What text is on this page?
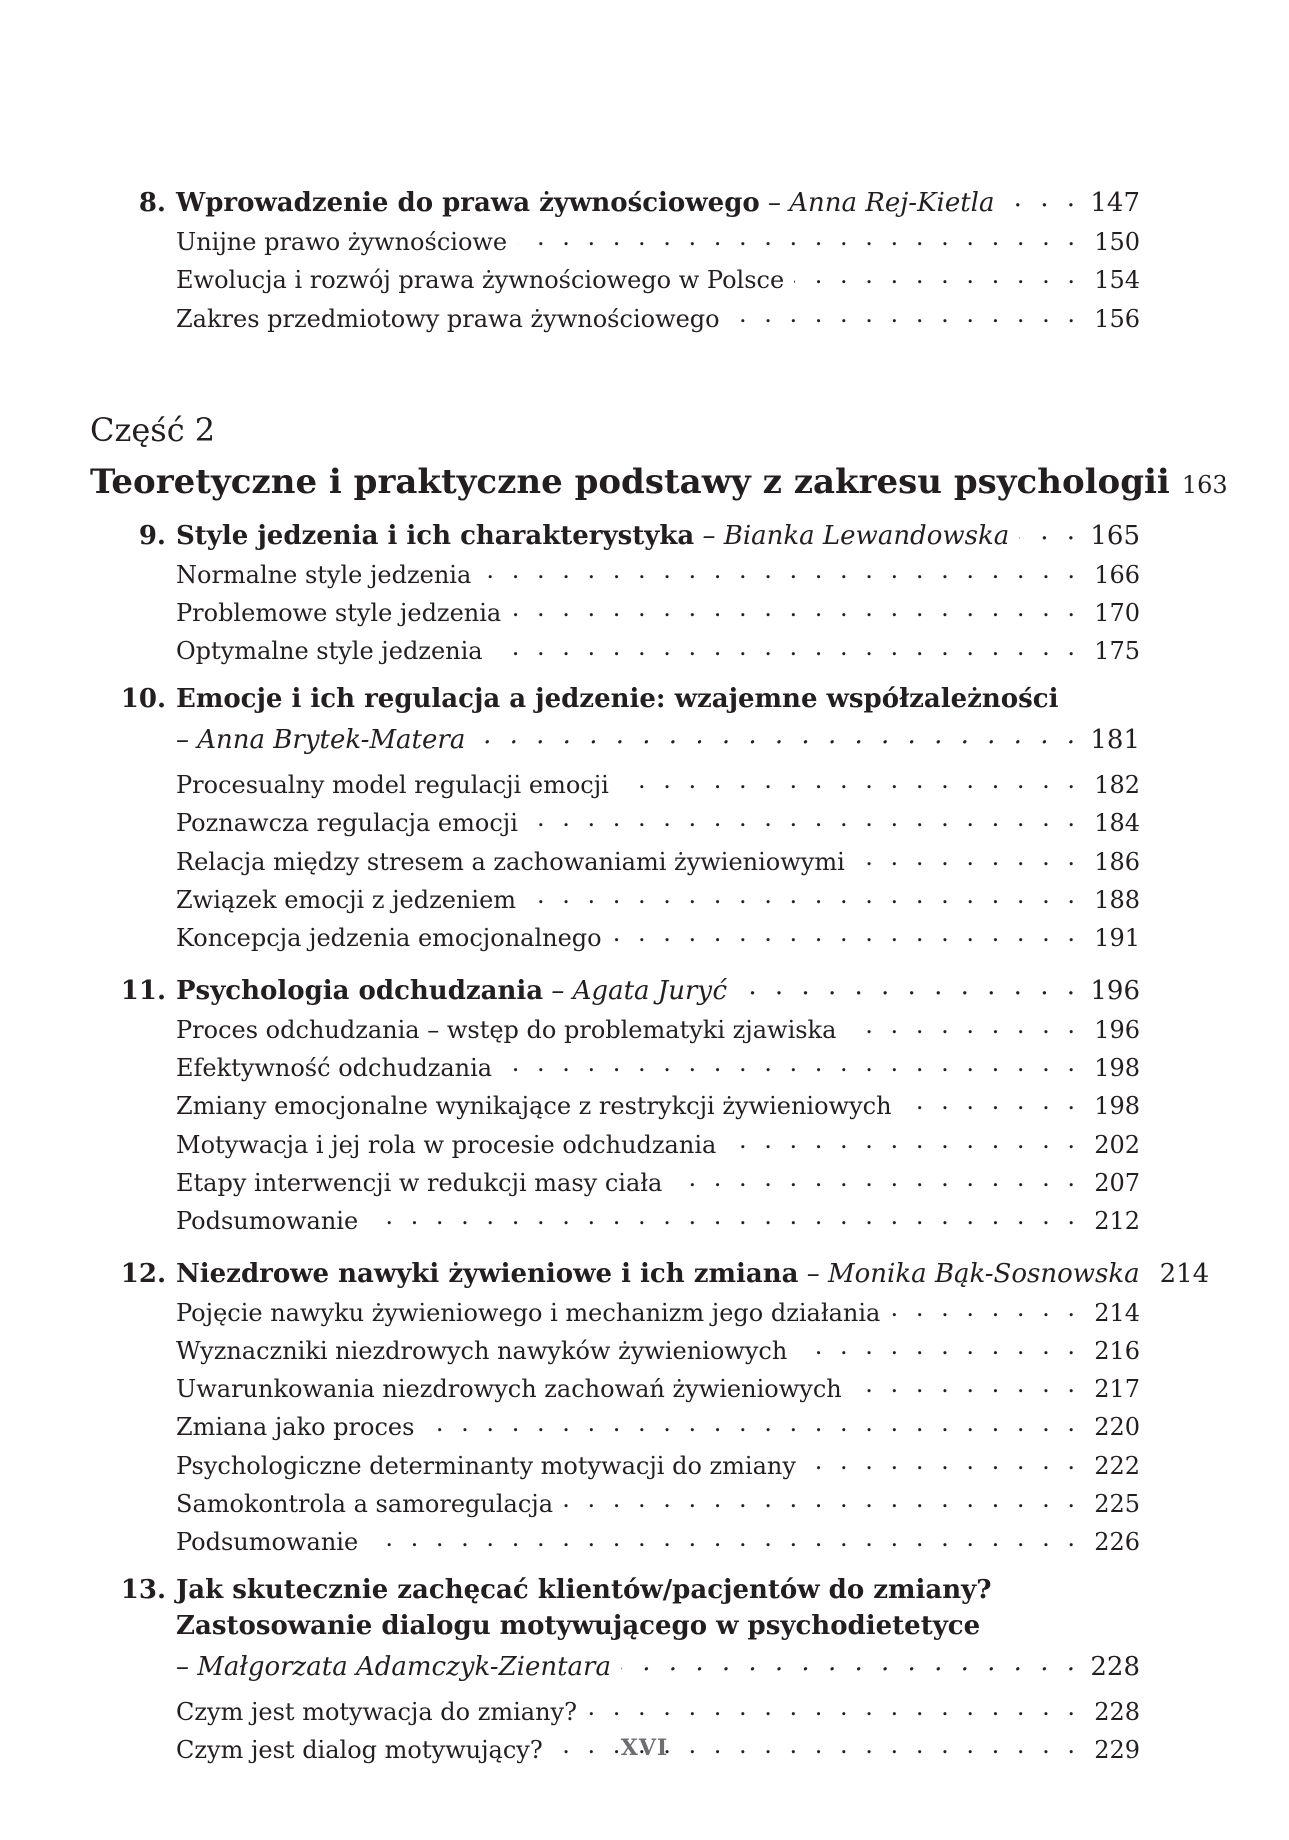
8. Wprowadzenie do prawa żywnościowego – Anna Rej-Kietla . . .	147
Unijne prawo żywnościowe . . .	150
Ewolucja i rozwój prawa żywnościowego w Polsce . . .	154
Zakres przedmiotowy prawa żywnościowego . . .	156
Część 2
Teoretyczne i praktyczne podstawy z zakresu psychologii 163
9. Style jedzenia i ich charakterystyka – Bianka Lewandowska . . .	165
Normalne style jedzenia . . .	166
Problemowe style jedzenia . . .	170
Optymalne style jedzenia . . .	175
10. Emocje i ich regulacja a jedzenie: wzajemne współzależności
– Anna Brytek-Matera . . .	181
Procesualny model regulacji emocji . . .	182
Poznawcza regulacja emocji . . .	184
Relacja między stresem a zachowaniami żywieniowymi . . .	186
Związek emocji z jedzeniem . . .	188
Koncepcja jedzenia emocjonalnego . . .	191
11. Psychologia odchudzania – Agata Jurуć . . .	196
Proces odchudzania – wstęp do problematyki zjawiska . . .	196
Efektywność odchudzania . . .	198
Zmiany emocjonalne wynikające z restrykcji żywieniowych . . .	198
Motywacja i jej rola w procesie odchudzania . . .	202
Etapy interwencji w redukcji masy ciała . . .	207
Podsumowanie . . .	212
12. Niezdrowe nawyki żywieniowe i ich zmiana – Monika Bąk-Sosnowska 214
Pojęcie nawyku żywieniowego i mechanizm jego działania . . .	214
Wyznaczniki niezdrowych nawyków żywieniowych . . .	216
Uwarunkowania niezdrowych zachowań żywieniowych . . .	217
Zmiana jako proces . . .	220
Psychologiczne determinanty motywacji do zmiany . . .	222
Samokontrola a samoregulacja . . .	225
Podsumowanie . . .	226
13. Jak skutecznie zachęcać klientów/pacjentów do zmiany?
Zastosowanie dialogu motywującego w psychodietetyce
– Małgorzata Adamczyk-Zientara . . .	228
Czym jest motywacja do zmiany? . . .	228
Czym jest dialog motywujący? . . .	229
XVI
